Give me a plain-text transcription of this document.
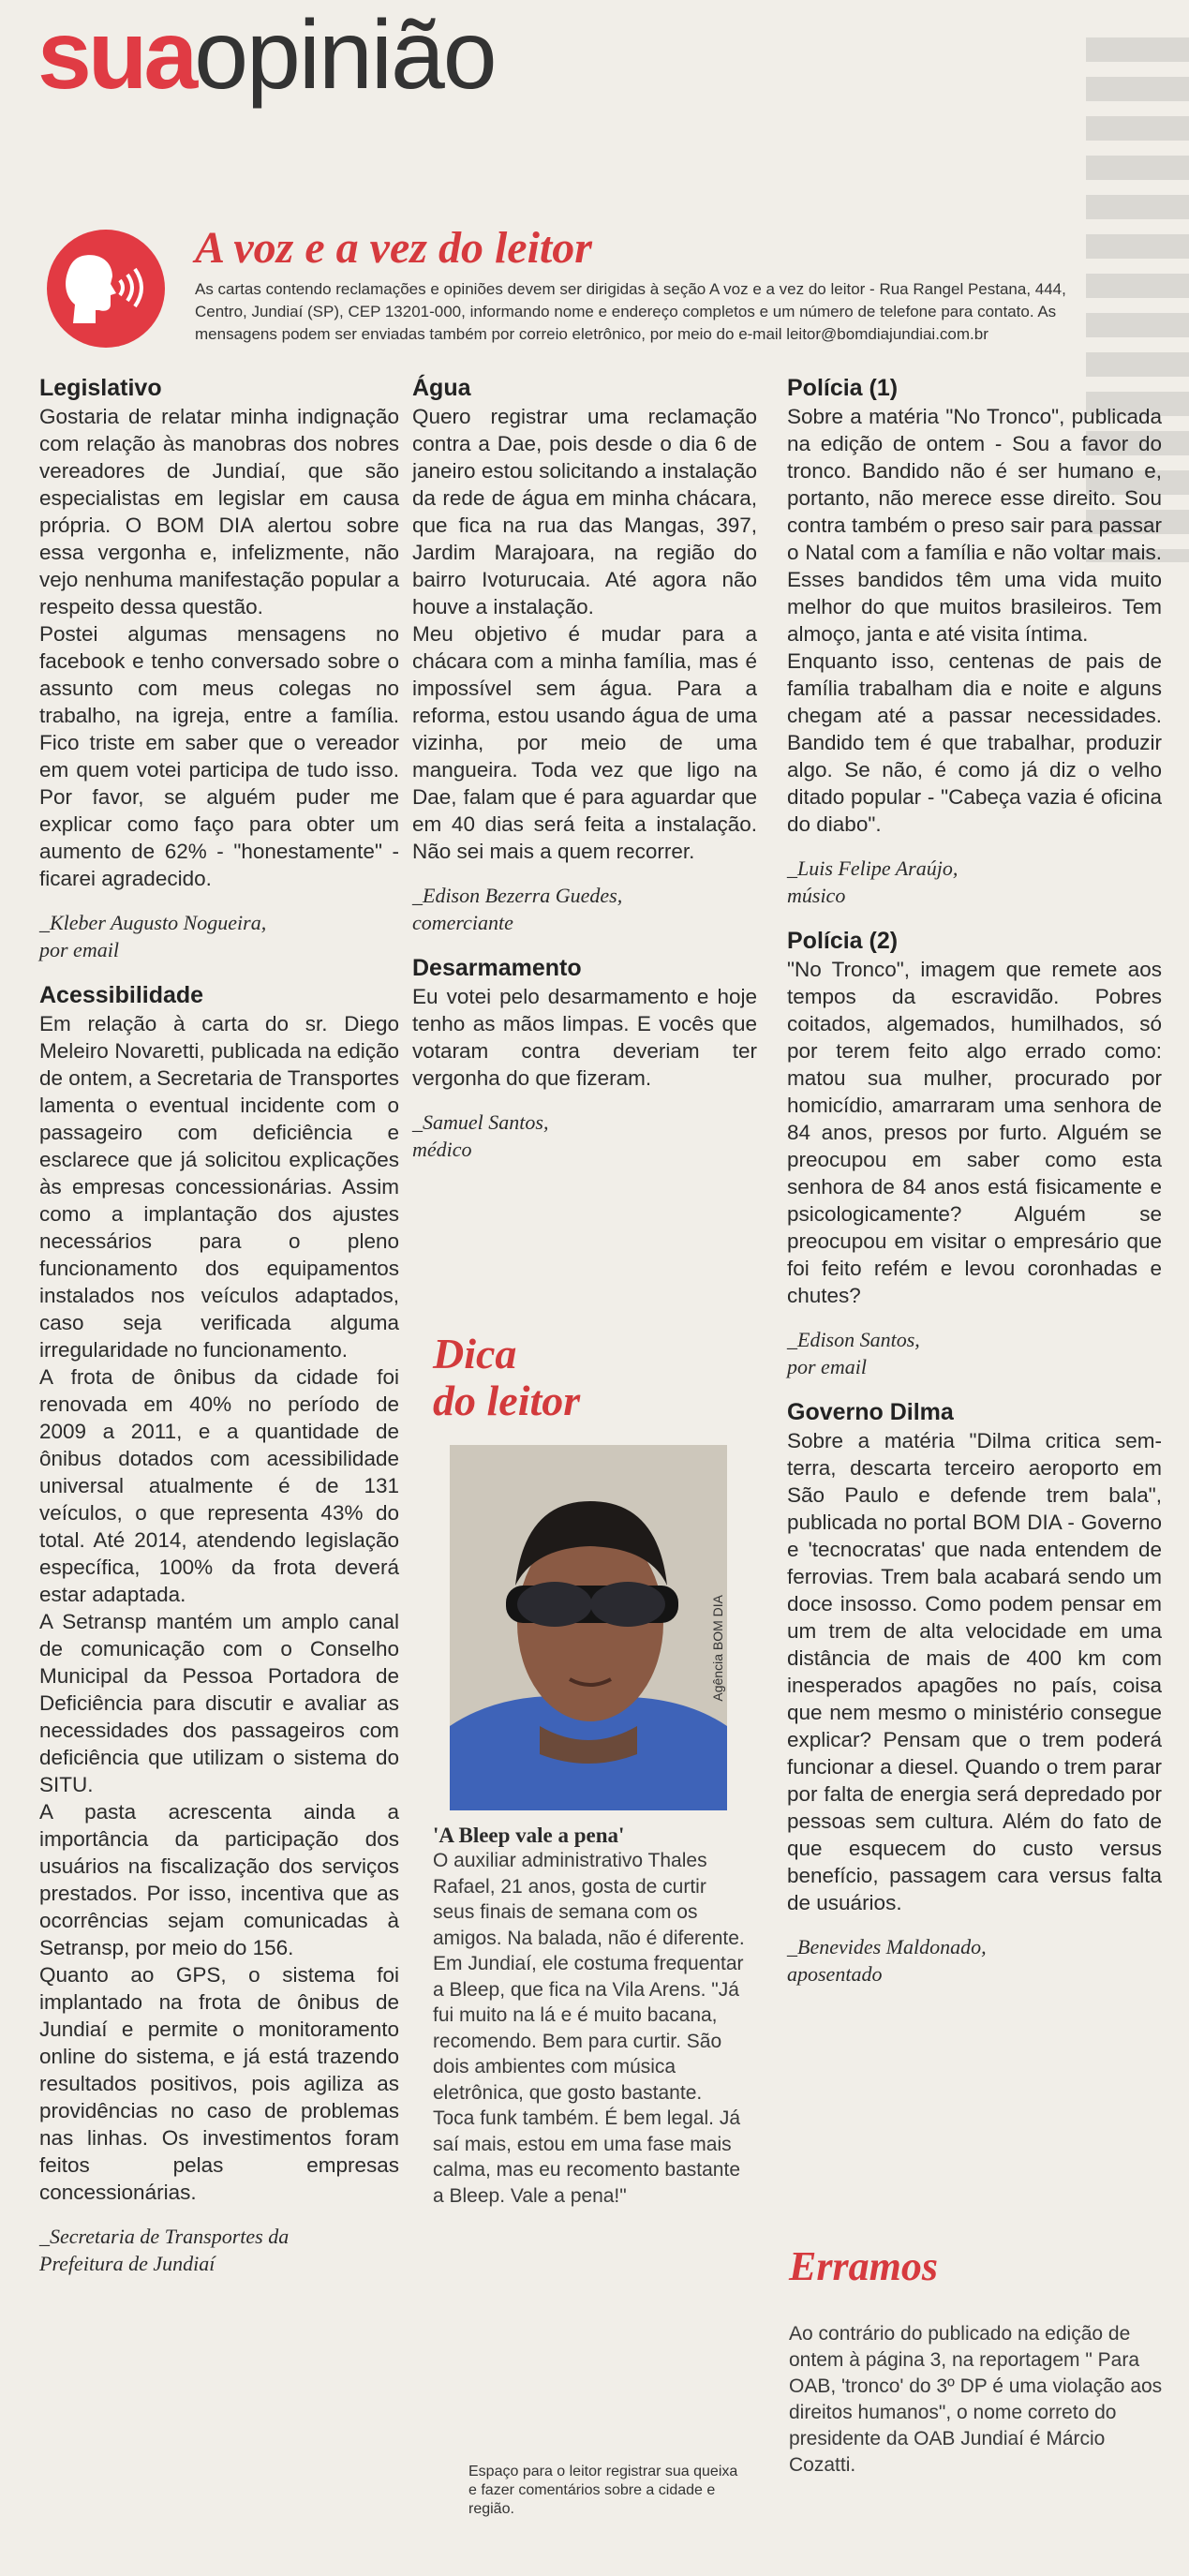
suaopinião
A voz e a vez do leitor

As cartas contendo reclamações e opiniões devem ser dirigidas à seção A voz e a vez do leitor - Rua Rangel Pestana, 444, Centro, Jundiaí (SP), CEP 13201-000, informando nome e endereço completos e um número de telefone para contato. As mensagens podem ser enviadas também por correio eletrônico, por meio do e-mail leitor@bomdiajundiai.com.br

Legislativo

Gostaria de relatar minha indignação com relação às manobras dos nobres vereadores de Jundiaí, que são especialistas em legislar em causa própria. O BOM DIA alertou sobre essa vergonha e, infelizmente, não vejo nenhuma manifestação popular a respeito dessa questão.

Postei algumas mensagens no facebook e tenho conversado sobre o assunto com meus colegas no trabalho, na igreja, entre a família. Fico triste em saber que o vereador em quem votei participa de tudo isso. Por favor, se alguém puder me explicar como faço para obter um aumento de 62% - "honestamente" - ficarei agradecido.

_Kleber Augusto Nogueira,
por email
Acessibilidade

Em relação à carta do sr. Diego Meleiro Novaretti, publicada na edição de ontem, a Secretaria de Transportes lamenta o eventual incidente com o passageiro com deficiência e esclarece que já solicitou explicações às empresas concessionárias. Assim como a implantação dos ajustes necessários para o pleno funcionamento dos equipamentos instalados nos veículos adaptados, caso seja verificada alguma irregularidade no funcionamento.

A frota de ônibus da cidade foi renovada em 40% no período de 2009 a 2011, e a quantidade de ônibus dotados com acessibilidade universal atualmente é de 131 veículos, o que representa 43% do total. Até 2014, atendendo legislação específica, 100% da frota deverá estar adaptada.

A Setransp mantém um amplo canal de comunicação com o Conselho Municipal da Pessoa Portadora de Deficiência para discutir e avaliar as necessidades dos passageiros com deficiência que utilizam o sistema do SITU.

A pasta acrescenta ainda a importância da participação dos usuários na fiscalização dos serviços prestados. Por isso, incentiva que as ocorrências sejam comunicadas à Setransp, por meio do 156.

Quanto ao GPS, o sistema foi implantado na frota de ônibus de Jundiaí e permite o monitoramento online do sistema, e já está trazendo resultados positivos, pois agiliza as providências no caso de problemas nas linhas. Os investimentos foram feitos pelas empresas concessionárias.

_Secretaria de Transportes da
Prefeitura de Jundiaí
Água

Quero registrar uma reclamação contra a Dae, pois desde o dia 6 de janeiro estou solicitando a instalação da rede de água em minha chácara, que fica na rua das Mangas, 397, Jardim Marajoara, na região do bairro Ivoturucaia. Até agora não houve a instalação.

Meu objetivo é mudar para a chácara com a minha família, mas é impossível sem água. Para a reforma, estou usando água de uma vizinha, por meio de uma mangueira. Toda vez que ligo na Dae, falam que é para aguardar que em 40 dias será feita a instalação. Não sei mais a quem recorrer.

_Edison Bezerra Guedes,
comerciante
Desarmamento

Eu votei pelo desarmamento e hoje tenho as mãos limpas. E vocês que votaram contra deveriam ter vergonha do que fizeram.

_Samuel Santos,
médico
Dica
do leitor
Agência BOM DIA
'A Bleep vale a pena'

O auxiliar administrativo Thales Rafael, 21 anos, gosta de curtir seus finais de semana com os amigos. Na balada, não é diferente. Em Jundiaí, ele costuma frequentar a Bleep, que fica na Vila Arens. "Já fui muito na lá e é muito bacana, recomendo. Bem para curtir. São dois ambientes com música eletrônica, que gosto bastante. Toca funk também. É bem legal. Já saí mais, estou em uma fase mais calma, mas eu recomento bastante a Bleep. Vale a pena!"

Espaço para o leitor registrar sua queixa e fazer comentários sobre a cidade e região.

Polícia (1)

Sobre a matéria "No Tronco", publicada na edição de ontem - Sou a favor do tronco. Bandido não é ser humano e, portanto, não merece esse direito. Sou contra também o preso sair para passar o Natal com a família e não voltar mais. Esses bandidos têm uma vida muito melhor do que muitos brasileiros. Tem almoço, janta e até visita íntima.

Enquanto isso, centenas de pais de família trabalham dia e noite e alguns chegam até a passar necessidades. Bandido tem é que trabalhar, produzir algo. Se não, é como já diz o velho ditado popular - "Cabeça vazia é oficina do diabo".

_Luis Felipe Araújo,
músico
Polícia (2)

"No Tronco", imagem que remete aos tempos da escravidão. Pobres coitados, algemados, humilhados, só por terem feito algo errado como: matou sua mulher, procurado por homicídio, amarraram uma senhora de 84 anos, presos por furto. Alguém se preocupou em saber como esta senhora de 84 anos está fisicamente e psicologicamente? Alguém se preocupou em visitar o empresário que foi feito refém e levou coronhadas e chutes?

_Edison Santos,
por email
Governo Dilma

Sobre a matéria "Dilma critica sem-terra, descarta terceiro aeroporto em São Paulo e defende trem bala", publicada no portal BOM DIA - Governo e 'tecnocratas' que nada entendem de ferrovias. Trem bala acabará sendo um doce insosso. Como podem pensar em um trem de alta velocidade em uma distância de mais de 400 km com inesperados apagões no país, coisa que nem mesmo o ministério consegue explicar? Pensam que o trem poderá funcionar a diesel. Quando o trem parar por falta de energia será depredado por pessoas sem cultura. Além do fato de que esquecem do custo versus benefício, passagem cara versus falta de usuários.

_Benevides Maldonado,
aposentado
Erramos

Ao contrário do publicado na edição de ontem à página 3, na reportagem " Para OAB, 'tronco' do 3º DP é uma violação aos direitos humanos", o nome correto do presidente da OAB Jundiaí é Márcio Cozatti.
